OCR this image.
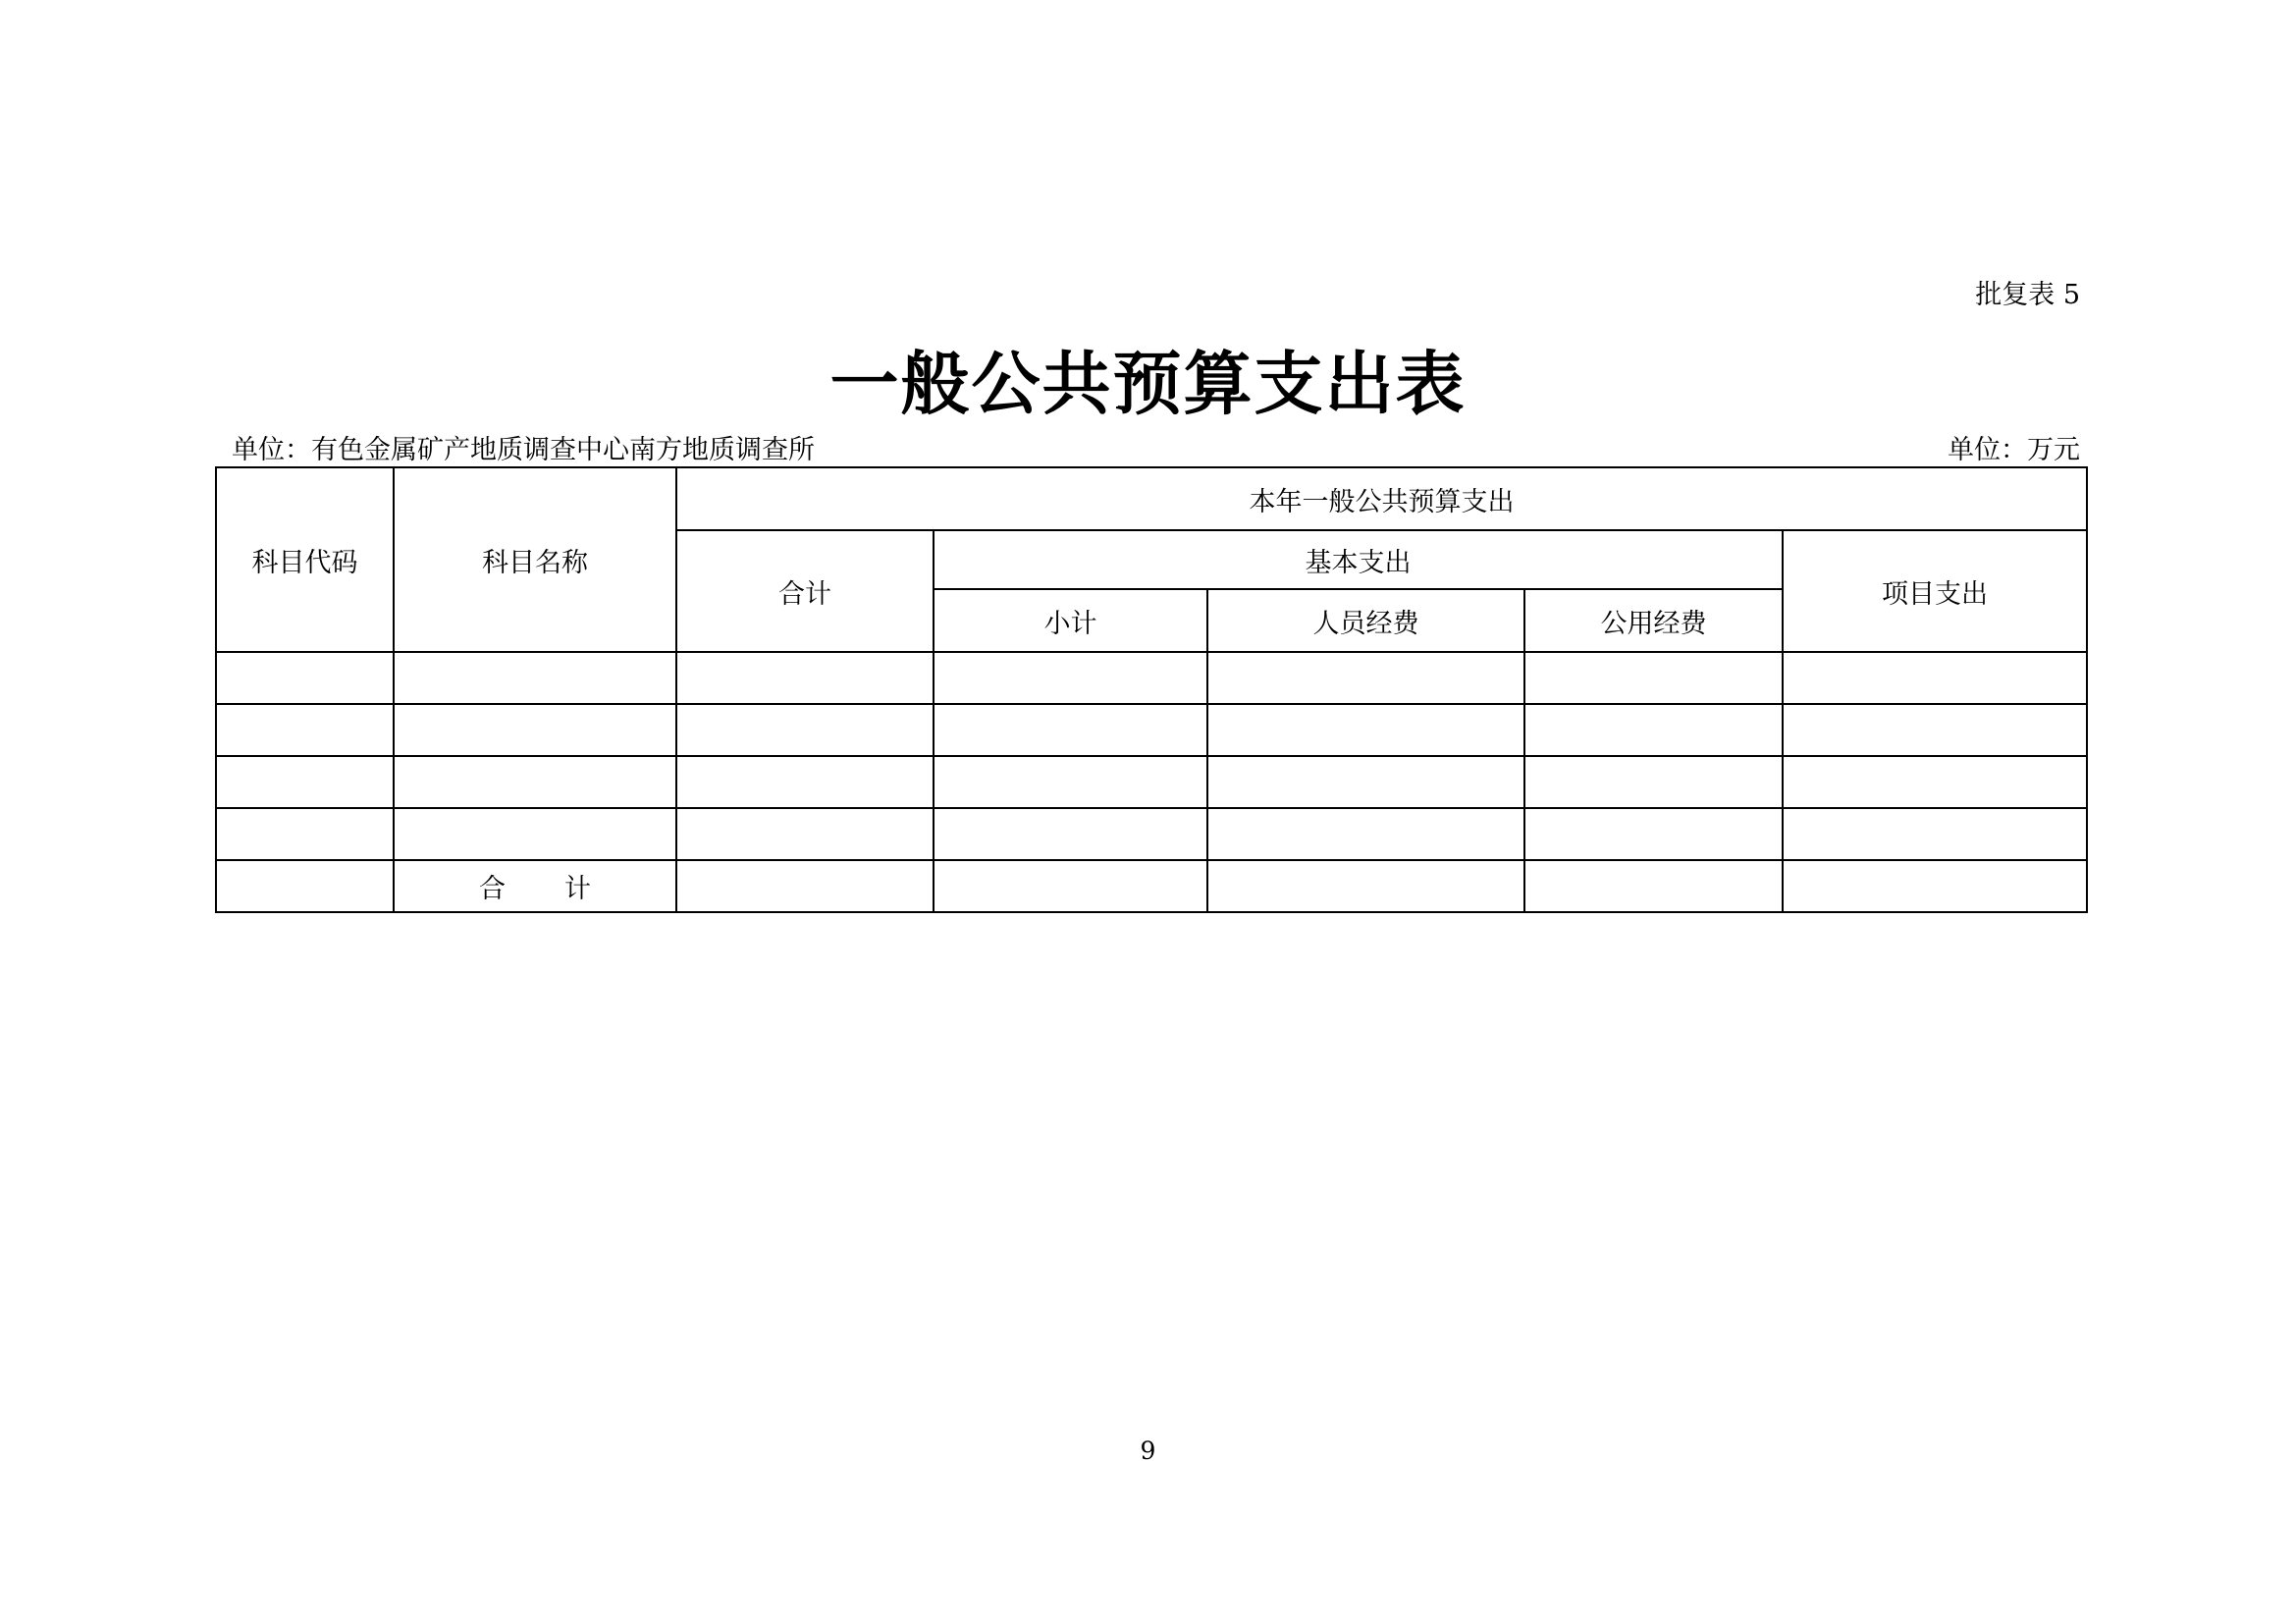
批复表 5
一般公共预算支出表
单位：有色金属矿产地质调查中心南方地质调查所	单位：万元
科目代码	科目名称	本年一般公共预算支出				
		合计	基本支出			项目支出
			小计	人员经费	公用经费	

	合计					
9
